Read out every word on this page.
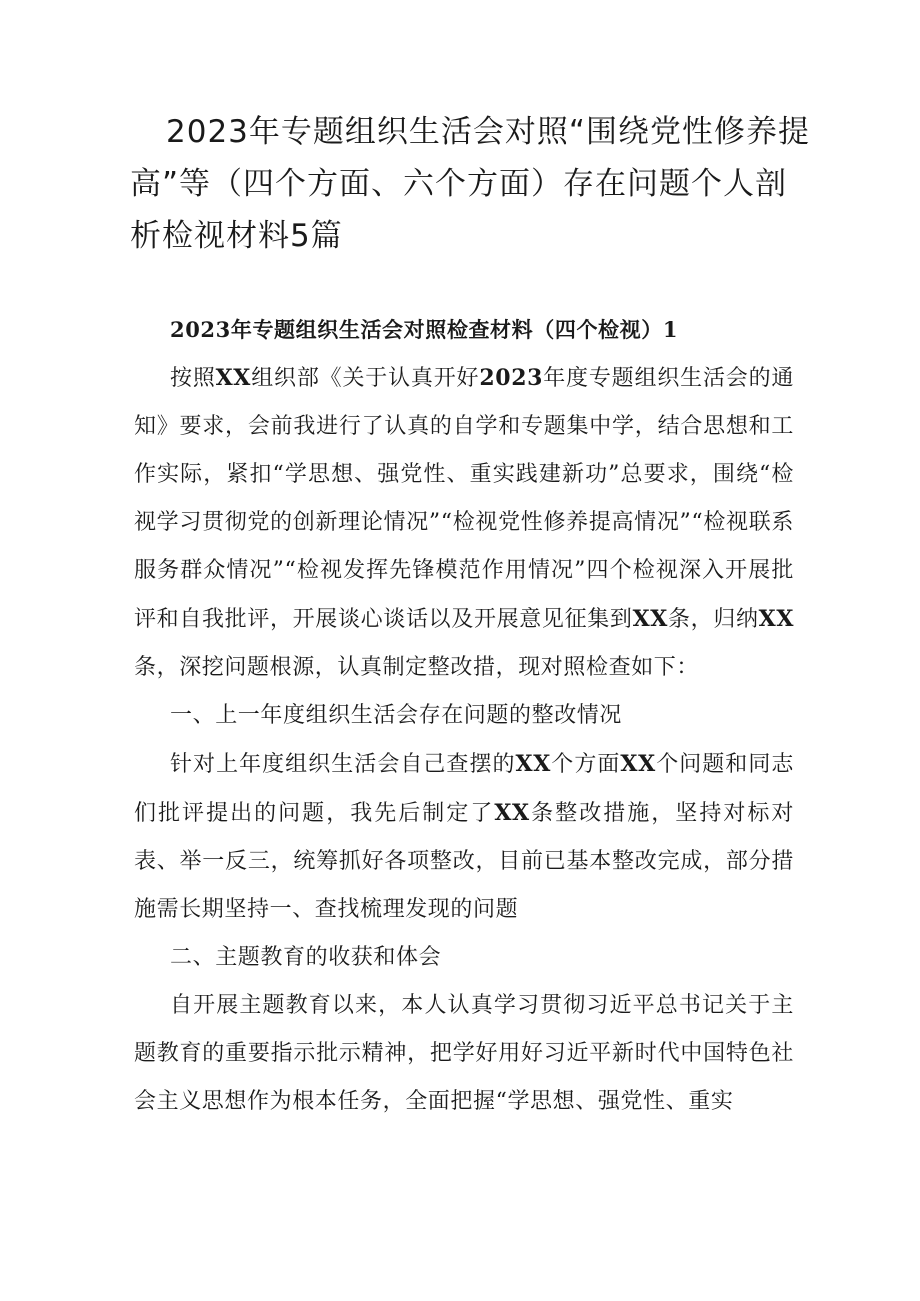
2023年专题组织生活会对照“围绕党性修养提高”等（四个方面、六个方面）存在问题个人剖析检视材料5篇

2023年专题组织生活会对照检查材料（四个检视）1

按照XX组织部《关于认真开好2023年度专题组织生活会的通知》要求，会前我进行了认真的自学和专题集中学，结合思想和工作实际，紧扣“学思想、强党性、重实践建新功”总要求，围绕“检视学习贯彻党的创新理论情况”“检视党性修养提高情况”“检视联系服务群众情况”“检视发挥先锋模范作用情况”四个检视深入开展批评和自我批评，开展谈心谈话以及开展意见征集到XX条，归纳XX条，深挖问题根源，认真制定整改措，现对照检查如下：

一、上一年度组织生活会存在问题的整改情况

针对上年度组织生活会自己查摆的XX个方面XX个问题和同志们批评提出的问题，我先后制定了XX条整改措施，坚持对标对表、举一反三，统筹抓好各项整改，目前已基本整改完成，部分措施需长期坚持一、查找梳理发现的问题

二、主题教育的收获和体会

自开展主题教育以来，本人认真学习贯彻习近平总书记关于主题教育的重要指示批示精神，把学好用好习近平新时代中国特色社会主义思想作为根本任务，全面把握“学思想、强党性、重实
